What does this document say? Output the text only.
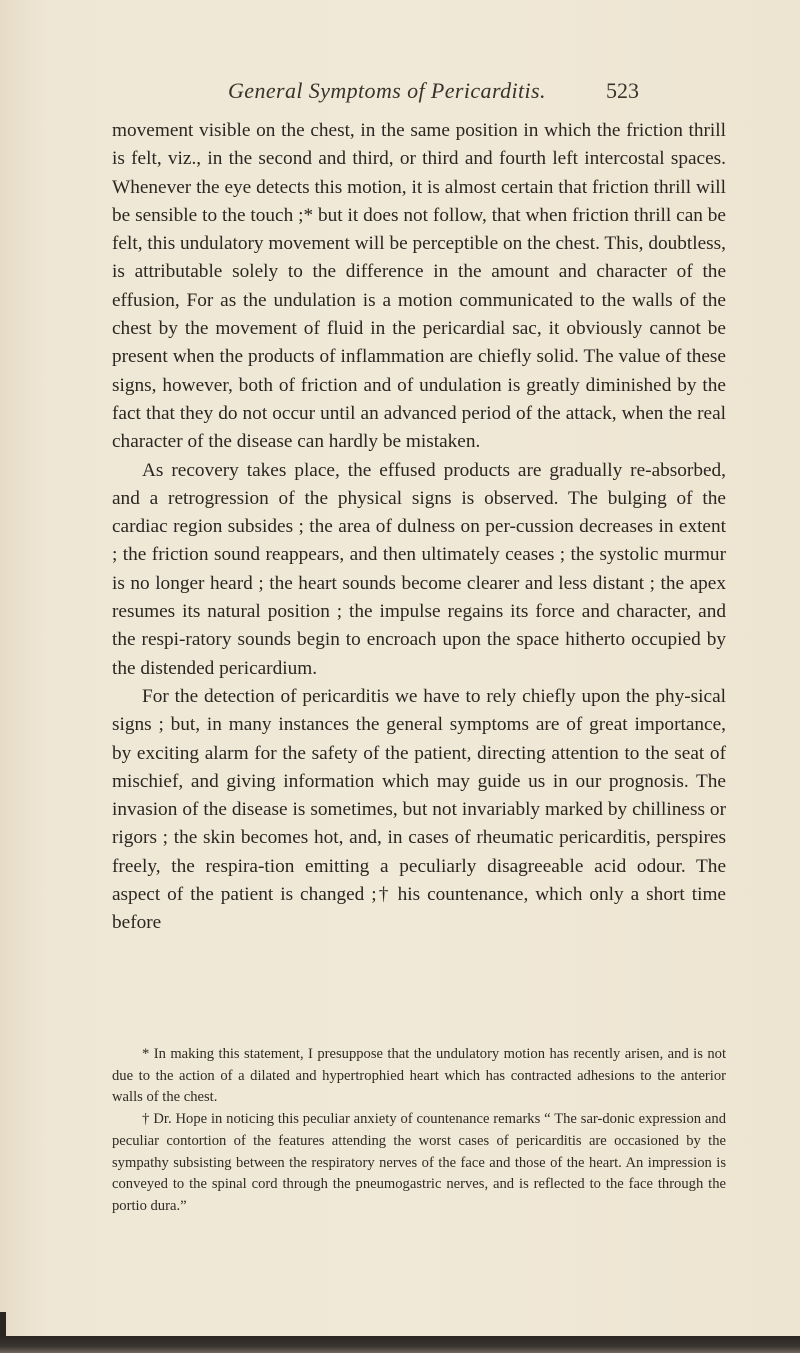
General Symptoms of Pericarditis.	523

movement visible on the chest, in the same position in which the friction thrill is felt, viz., in the second and third, or third and fourth left intercostal spaces. Whenever the eye detects this motion, it is almost certain that friction thrill will be sensible to the touch ;* but it does not follow, that when friction thrill can be felt, this undulatory movement will be perceptible on the chest. This, doubtless, is attributable solely to the difference in the amount and character of the effusion, For as the undulation is a motion communicated to the walls of the chest by the movement of fluid in the pericardial sac, it obviously cannot be present when the products of inflammation are chiefly solid. The value of these signs, however, both of friction and of undulation is greatly diminished by the fact that they do not occur until an advanced period of the attack, when the real character of the disease can hardly be mistaken.

As recovery takes place, the effused products are gradually re-absorbed, and a retrogression of the physical signs is observed. The bulging of the cardiac region subsides ; the area of dulness on per-cussion decreases in extent ; the friction sound reappears, and then ultimately ceases ; the systolic murmur is no longer heard ; the heart sounds become clearer and less distant ; the apex resumes its natural position ; the impulse regains its force and character, and the respi-ratory sounds begin to encroach upon the space hitherto occupied by the distended pericardium.

For the detection of pericarditis we have to rely chiefly upon the phy-sical signs ; but, in many instances the general symptoms are of great importance, by exciting alarm for the safety of the patient, directing attention to the seat of mischief, and giving information which may guide us in our prognosis. The invasion of the disease is sometimes, but not invariably marked by chilliness or rigors ; the skin becomes hot, and, in cases of rheumatic pericarditis, perspires freely, the respira-tion emitting a peculiarly disagreeable acid odour. The aspect of the patient is changed ;† his countenance, which only a short time before

* In making this statement, I presuppose that the undulatory motion has recently arisen, and is not due to the action of a dilated and hypertrophied heart which has contracted adhesions to the anterior walls of the chest.

† Dr. Hope in noticing this peculiar anxiety of countenance remarks “ The sar-donic expression and peculiar contortion of the features attending the worst cases of pericarditis are occasioned by the sympathy subsisting between the respiratory nerves of the face and those of the heart. An impression is conveyed to the spinal cord through the pneumogastric nerves, and is reflected to the face through the portio dura.”
